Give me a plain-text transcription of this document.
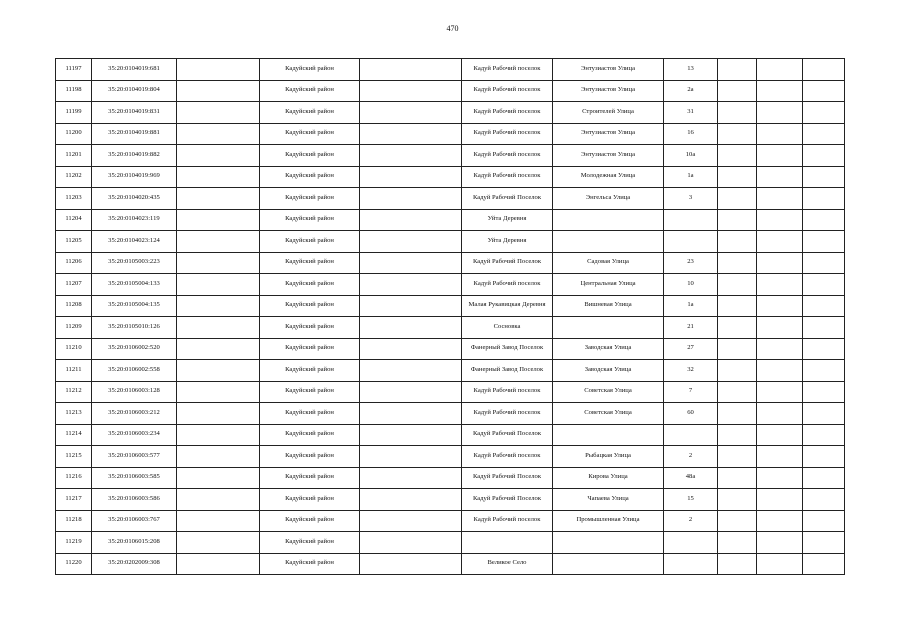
470
11197	35:20:0104019:681		Кадуйский район		Кадуй Рабочий поселок	Энтузиастов Улица	13			
11198	35:20:0104019:804		Кадуйский район		Кадуй Рабочий поселок	Энтузиастов Улица	2а			
11199	35:20:0104019:831		Кадуйский район		Кадуй Рабочий поселок	Строителей Улица	31			
11200	35:20:0104019:881		Кадуйский район		Кадуй Рабочий поселок	Энтузиастов Улица	16			
11201	35:20:0104019:882		Кадуйский район		Кадуй Рабочий поселок	Энтузиастов Улица	10а			
11202	35:20:0104019:969		Кадуйский район		Кадуй Рабочий поселок	Молодежная Улица	1а			
11203	35:20:0104020:435		Кадуйский район		Кадуй Рабочий Поселок	Энгельса Улица	3			
11204	35:20:0104023:119		Кадуйский район		Уйта Деревня					
11205	35:20:0104023:124		Кадуйский район		Уйта Деревня					
11206	35:20:0105003:223		Кадуйский район		Кадуй Рабочий Поселок	Садовая Улица	23			
11207	35:20:0105004:133		Кадуйский район		Кадуй Рабочий поселок	Центральная Улица	10			
11208	35:20:0105004:135		Кадуйский район		Малая Рукавицкая Деревня	Вишневая Улица	1а			
11209	35:20:0105010:126		Кадуйский район		Сосновка		21			
11210	35:20:0106002:520		Кадуйский район		Фанерный Завод Поселок	Заводская Улица	27			
11211	35:20:0106002:558		Кадуйский район		Фанерный Завод Поселок	Заводская Улица	32			
11212	35:20:0106003:128		Кадуйский район		Кадуй Рабочий поселок	Советская Улица	7			
11213	35:20:0106003:212		Кадуйский район		Кадуй Рабочий поселок	Советская Улица	60			
11214	35:20:0106003:234		Кадуйский район		Кадуй Рабочий Поселок					
11215	35:20:0106003:577		Кадуйский район		Кадуй Рабочий поселок	Рыбацкая Улица	2			
11216	35:20:0106003:585		Кадуйский район		Кадуй Рабочий Поселок	Кирова Улица	48а			
11217	35:20:0106003:586		Кадуйский район		Кадуй Рабочий Поселок	Чапаева Улица	15			
11218	35:20:0106003:767		Кадуйский район		Кадуй Рабочий поселок	Промышленная Улица	2			
11219	35:20:0106015:208		Кадуйский район							
11220	35:20:0202009:308		Кадуйский район		Великое Село					
